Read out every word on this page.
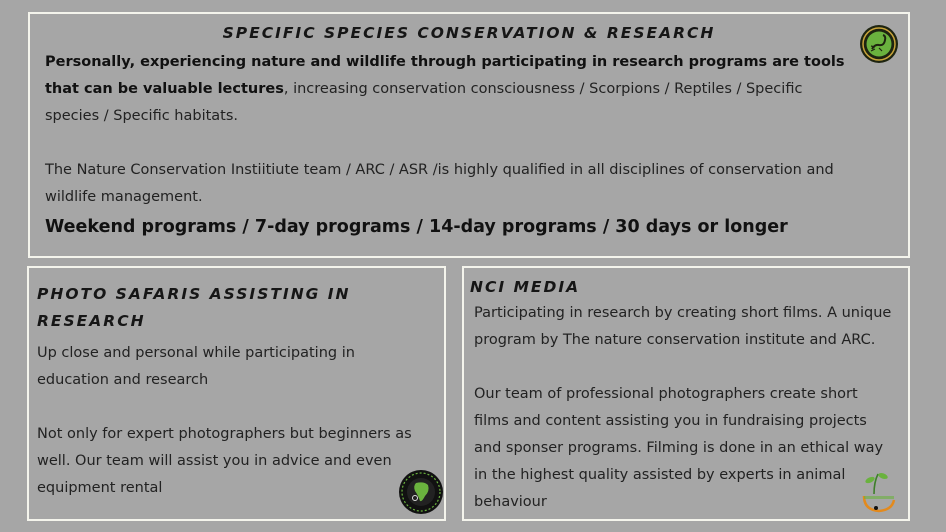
SPECIFIC SPECIES CONSERVATION & RESEARCH
Personally, experiencing nature and wildlife through participating in research programs are tools that can be valuable lectures, increasing conservation consciousness / Scorpions / Reptiles / Specific species / Specific habitats.
The Nature Conservation Instiitiute team / ARC / ASR /is highly qualified in all disciplines of conservation and wildlife management.
Weekend programs / 7-day programs / 14-day programs / 30 days or longer
PHOTO SAFARIS ASSISTING IN RESEARCH
Up close and personal while participating in education and research
Not only for expert photographers but beginners as well. Our team will assist you in advice and even equipment rental
NCI MEDIA
Participating in research by creating short films. A unique program by The nature conservation institute and ARC.
Our team of professional photographers create short films and content assisting you in fundraising projects and sponser programs. Filming is done in an ethical way in the highest quality assisted by experts in animal behaviour
